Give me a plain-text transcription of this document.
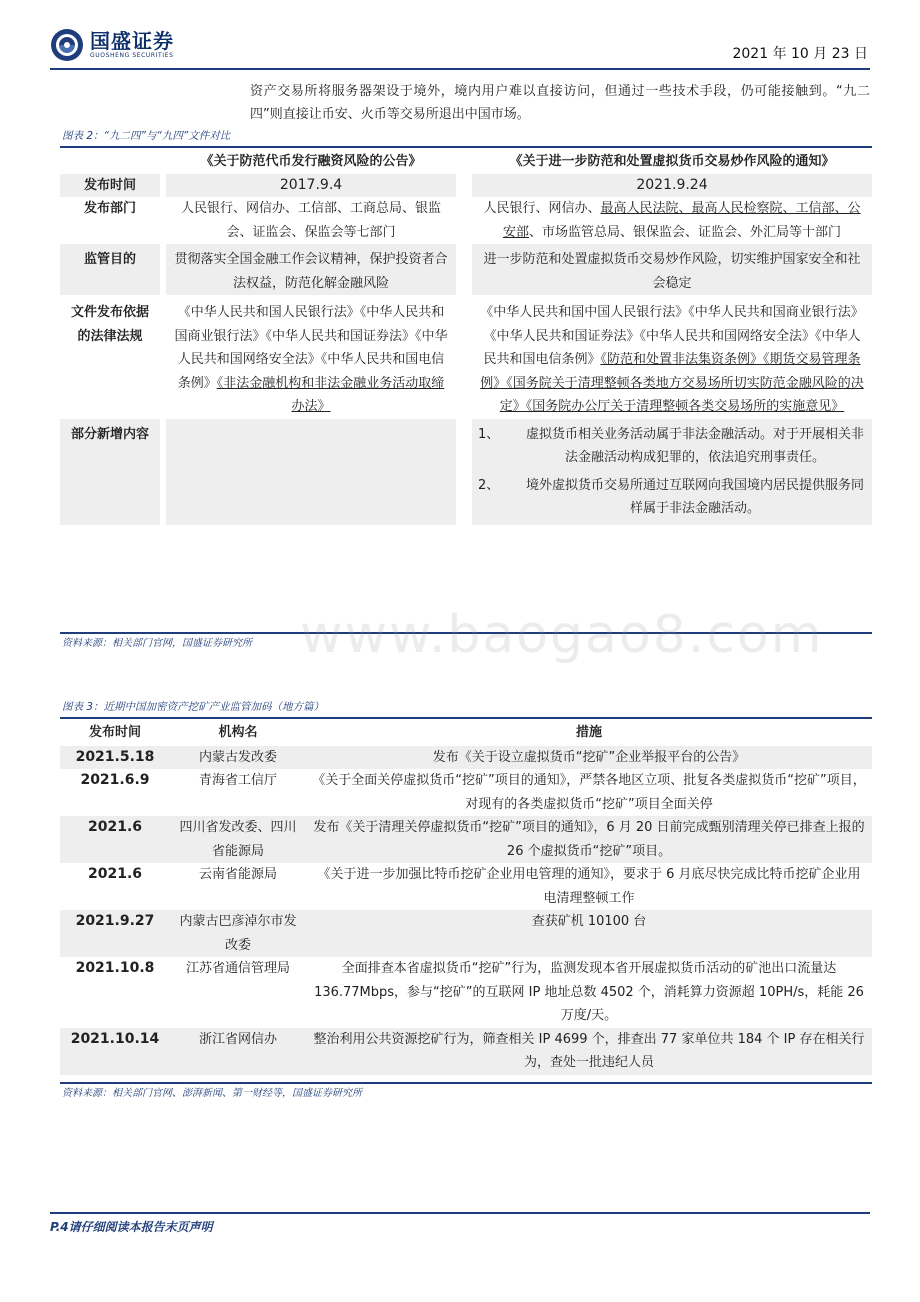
国盛证券
GUOSHENG SECURITIES	2021 年 10 月 23 日
资产交易所将服务器架设于境外，境内用户难以直接访问，但通过一些技术手段，仍可能接触到。“九二四”则直接让币安、火币等交易所退出中国市场。
图表 2：“九二四”与“九四”文件对比
		《关于防范代币发行融资风险的公告》		《关于进一步防范和处置虚拟货币交易炒作风险的通知》
发布时间		2017.9.4		2021.9.24
发布部门		人民银行、网信办、工信部、工商总局、银监会、证监会、保监会等七部门		人民银行、网信办、最高人民法院、最高人民检察院、工信部、公安部、市场监管总局、银保监会、证监会、外汇局等十部门
监管目的		贯彻落实全国金融工作会议精神，保护投资者合法权益，防范化解金融风险		进一步防范和处置虚拟货币交易炒作风险，切实维护国家安全和社会稳定
文件发布依据的法律法规		《中华人民共和国人民银行法》《中华人民共和国商业银行法》《中华人民共和国证券法》《中华人民共和国网络安全法》《中华人民共和国电信条例》《非法金融机构和非法金融业务活动取缔办法》		《中华人民共和国中国人民银行法》《中华人民共和国商业银行法》《中华人民共和国证券法》《中华人民共和国网络安全法》《中华人民共和国电信条例》《防范和处置非法集资条例》《期货交易管理条例》《国务院关于清理整顿各类地方交易场所切实防范金融风险的决定》《国务院办公厅关于清理整顿各类交易场所的实施意见》
部分新增内容				1、 虚拟货币相关业务活动属于非法金融活动。对于开展相关非法金融活动构成犯罪的，依法追究刑事责任。
2、 境外虚拟货币交易所通过互联网向我国境内居民提供服务同样属于非法金融活动。
资料来源：相关部门官网，国盛证券研究所 www.baogao8.com
图表 3：近期中国加密资产挖矿产业监管加码（地方篇）
发布时间	机构名	措施
2021.5.18	内蒙古发改委	发布《关于设立虚拟货币“挖矿”企业举报平台的公告》
2021.6.9	青海省工信厅	《关于全面关停虚拟货币“挖矿”项目的通知》，严禁各地区立项、批复各类虚拟货币“挖矿”项目，对现有的各类虚拟货币“挖矿”项目全面关停
2021.6	四川省发改委、四川省能源局	发布《关于清理关停虚拟货币“挖矿”项目的通知》，6 月 20 日前完成甄别清理关停已排查上报的 26 个虚拟货币“挖矿”项目。
2021.6	云南省能源局	《关于进一步加强比特币挖矿企业用电管理的通知》，要求于 6 月底尽快完成比特币挖矿企业用电清理整顿工作
2021.9.27	内蒙古巴彦淖尔市发改委	查获矿机 10100 台
2021.10.8	江苏省通信管理局	全面排查本省虚拟货币“挖矿”行为，监测发现本省开展虚拟货币活动的矿池出口流量达 136.77Mbps，参与“挖矿”的互联网 IP 地址总数 4502 个，消耗算力资源超 10PH/s，耗能 26 万度/天。
2021.10.14	浙江省网信办	整治利用公共资源挖矿行为，筛查相关 IP 4699 个，排查出 77 家单位共 184 个 IP 存在相关行为，查处一批违纪人员
资料来源：相关部门官网、澎湃新闻、第一财经等，国盛证券研究所
P.4请仔细阅读本报告末页声明
